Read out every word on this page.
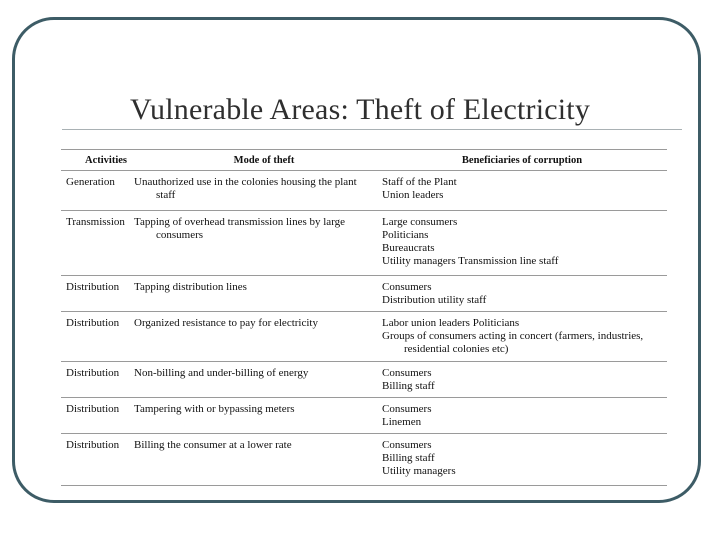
Vulnerable Areas: Theft of Electricity
Activities	Mode of theft	Beneficiaries of corruption
Generation	Unauthorized use in the colonies housing the plant staff	Staff of the Plant
Union leaders

Transmission	Tapping of overhead transmission lines by large consumers	Large consumers
Politicians
Bureaucrats
Utility managers Transmission line staff

Distribution	Tapping distribution lines	Consumers
Distribution utility staff

Distribution	Organized resistance to pay for electricity	Labor union leaders Politicians
Groups of consumers acting in concert (farmers, industries, residential colonies etc)

Distribution	Non-billing and under-billing of energy	Consumers
Billing staff

Distribution	Tampering with or bypassing meters	Consumers
Linemen

Distribution	Billing the consumer at a lower rate	Consumers
Billing staff
Utility managers
